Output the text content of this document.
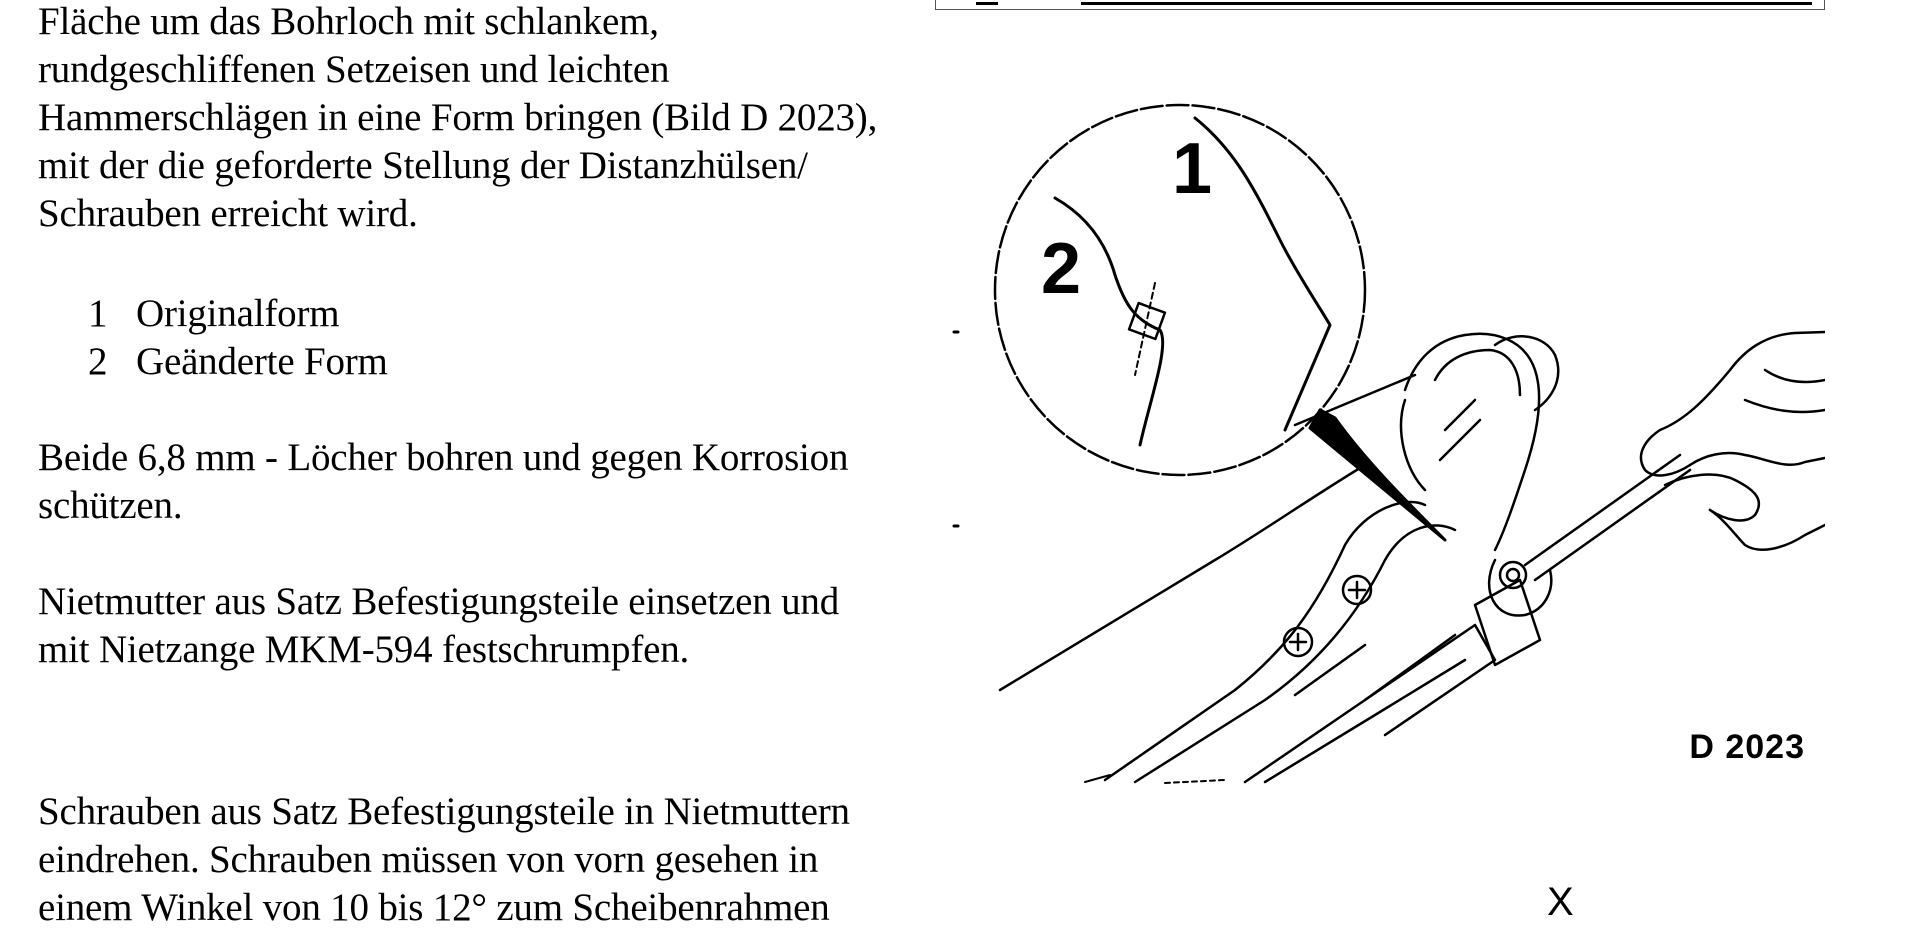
Fläche um das Bohrloch mit schlankem,
rundgeschliffenen Setzeisen und leichten
Hammerschlägen in eine Form bringen (Bild D 2023),
mit der die geforderte Stellung der Distanzhülsen/
Schrauben erreicht wird.
1 Originalform
2 Geänderte Form
Beide 6,8 mm - Löcher bohren und gegen Korrosion
schützen.
Nietmutter aus Satz Befestigungsteile einsetzen und
mit Nietzange MKM-594 festschrumpfen.
Schrauben aus Satz Befestigungsteile in Nietmuttern
eindrehen. Schrauben müssen von vorn gesehen in
einem Winkel von 10 bis 12° zum Scheibenrahmen
1
2
D 2023
X
